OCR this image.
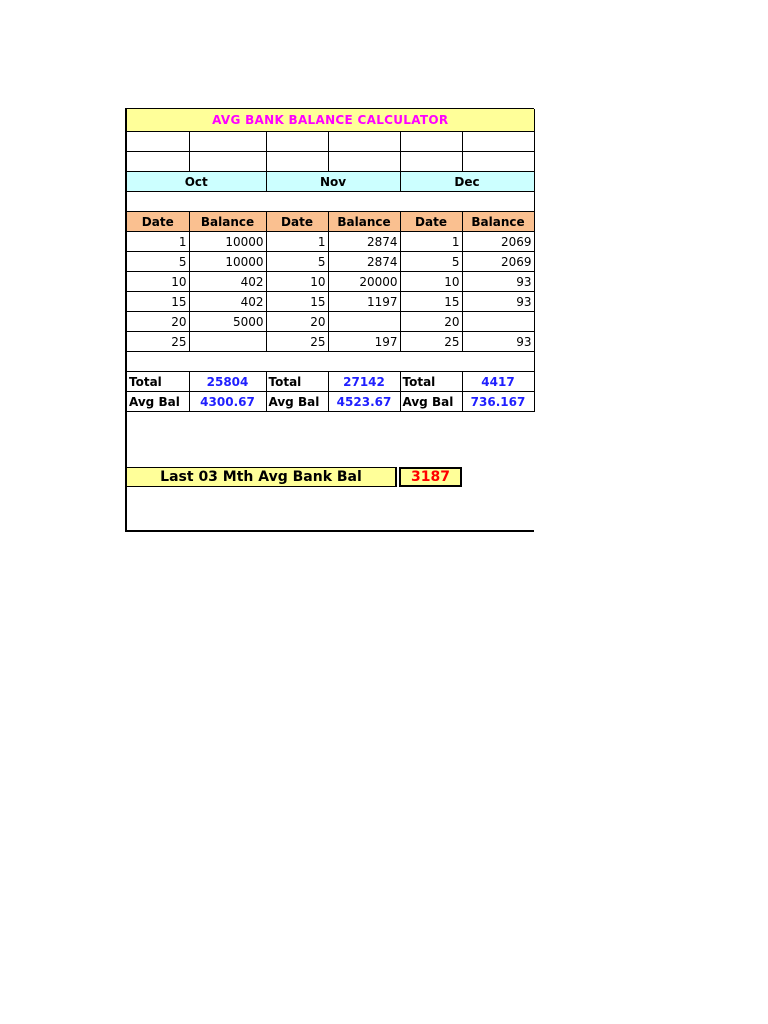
AVG BANK BALANCE CALCULATOR					

Oct		Nov		Dec	

Date	Balance	Date	Balance	Date	Balance
1	10000	1	2874	1	2069
5	10000	5	2874	5	2069
10	402	10	20000	10	93
15	402	15	1197	15	93
20	5000	20		20	
25		25	197	25	93

Total	25804	Total	27142	Total	4417
Avg Bal	4300.67	Avg Bal	4523.67	Avg Bal	736.167
Last 03 Mth Avg Bank Bal	3187
